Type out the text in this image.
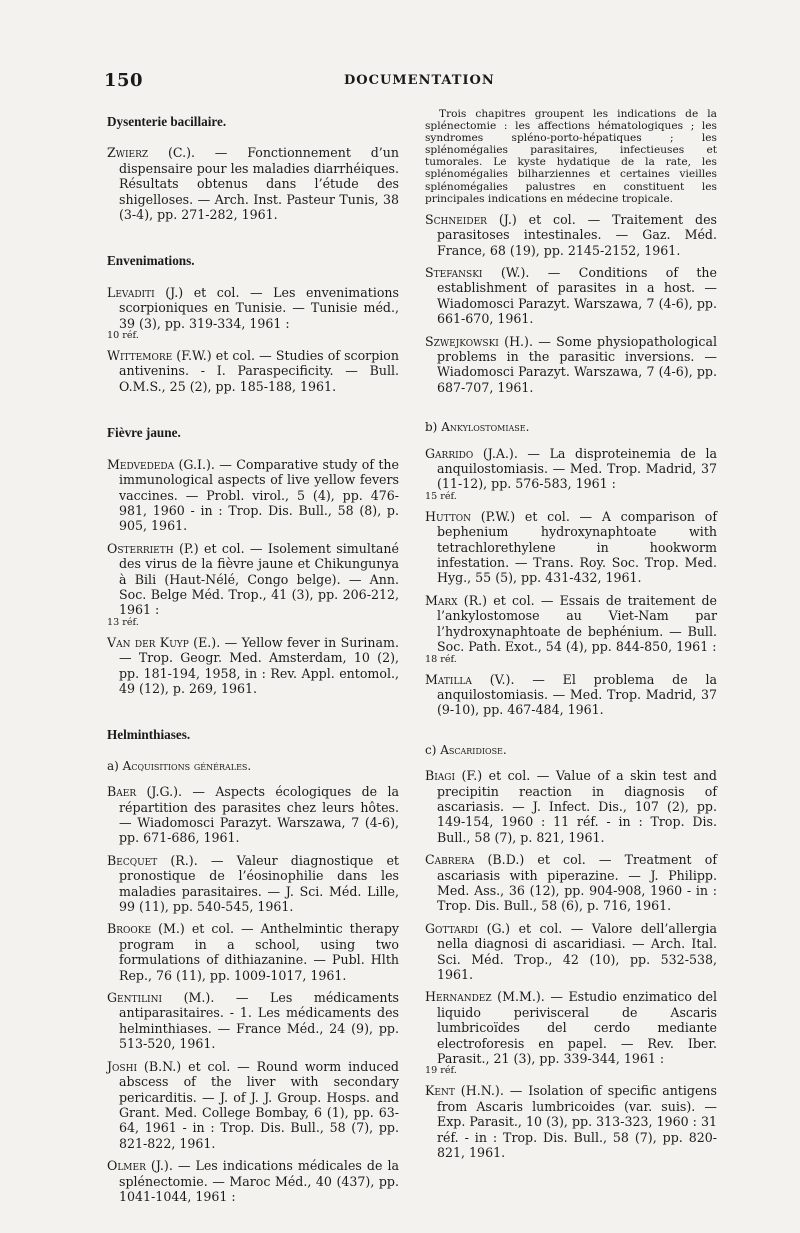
150	DOCUMENTATION
Dysenterie bacillaire.
Zwierz (C.). — Fonctionnement d’un dispensaire pour les maladies diarrhéiques. Résultats obtenus dans l’étude des shigelloses. — Arch. Inst. Pasteur Tunis, 38 (3-4), pp. 271-282, 1961.
Envenimations.
Levaditi (J.) et col. — Les envenimations scorpioniques en Tunisie. — Tunisie méd., 39 (3), pp. 319-334, 1961 :
10 réf.
Wittemore (F.W.) et col. — Studies of scorpion antivenins. - I. Paraspecificity. — Bull. O.M.S., 25 (2), pp. 185-188, 1961.
Fièvre jaune.
Medvededa (G.I.). — Comparative study of the immunological aspects of live yellow fevers vaccines. — Probl. virol., 5 (4), pp. 476-981, 1960 - in : Trop. Dis. Bull., 58 (8), p. 905, 1961.
Osterrieth (P.) et col. — Isolement simultané des virus de la fièvre jaune et Chikungunya à Bili (Haut-Nélé, Congo belge). — Ann. Soc. Belge Méd. Trop., 41 (3), pp. 206-212, 1961 :
13 réf.
Van der Kuyp (E.). — Yellow fever in Surinam. — Trop. Geogr. Med. Amsterdam, 10 (2), pp. 181-194, 1958, in : Rev. Appl. entomol., 49 (12), p. 269, 1961.
Helminthiases.
a) Acquisitions générales.
Baer (J.G.). — Aspects écologiques de la répartition des parasites chez leurs hôtes. — Wiadomosci Parazyt. Warszawa, 7 (4-6), pp. 671-686, 1961.
Becquet (R.). — Valeur diagnostique et pronostique de l’éosinophilie dans les maladies parasitaires. — J. Sci. Méd. Lille, 99 (11), pp. 540-545, 1961.
Brooke (M.) et col. — Anthelmintic therapy program in a school, using two formulations of dithiazanine. — Publ. Hlth Rep., 76 (11), pp. 1009-1017, 1961.
Gentilini (M.). — Les médicaments antiparasitaires. - 1. Les médicaments des helminthiases. — France Méd., 24 (9), pp. 513-520, 1961.
Joshi (B.N.) et col. — Round worm induced abscess of the liver with secondary pericarditis. — J. of J. J. Group. Hosps. and Grant. Med. College Bombay, 6 (1), pp. 63-64, 1961 - in : Trop. Dis. Bull., 58 (7), pp. 821-822, 1961.
Olmer (J.). — Les indications médicales de la splénectomie. — Maroc Méd., 40 (437), pp. 1041-1044, 1961 :
Trois chapitres groupent les indications de la splénectomie : les affections hématologiques ; les syndromes spléno-porto-hépatiques ; les splénomégalies parasitaires, infectieuses et tumorales. Le kyste hydatique de la rate, les splénomégalies bilharziennes et certaines vieilles splénomégalies palustres en constituent les principales indications en médecine tropicale.
Schneider (J.) et col. — Traitement des parasitoses intestinales. — Gaz. Méd. France, 68 (19), pp. 2145-2152, 1961.
Stefanski (W.). — Conditions of the establishment of parasites in a host. — Wiadomosci Parazyt. Warszawa, 7 (4-6), pp. 661-670, 1961.
Szwejkowski (H.). — Some physiopathological problems in the parasitic inversions. — Wiadomosci Parazyt. Warszawa, 7 (4-6), pp. 687-707, 1961.
b) Ankylostomiase.
Garrido (J.A.). — La disproteinemia de la anquilostomiasis. — Med. Trop. Madrid, 37 (11-12), pp. 576-583, 1961 :
15 réf.
Hutton (P.W.) et col. — A comparison of bephenium hydroxynaphtoate with tetrachlorethylene in hookworm infestation. — Trans. Roy. Soc. Trop. Med. Hyg., 55 (5), pp. 431-432, 1961.
Marx (R.) et col. — Essais de traitement de l’ankylostomose au Viet-Nam par l’hydroxynaphtoate de bephénium. — Bull. Soc. Path. Exot., 54 (4), pp. 844-850, 1961 :
18 réf.
Matilla (V.). — El problema de la anquilostomiasis. — Med. Trop. Madrid, 37 (9-10), pp. 467-484, 1961.
c) Ascaridiose.
Biagi (F.) et col. — Value of a skin test and precipitin reaction in diagnosis of ascariasis. — J. Infect. Dis., 107 (2), pp. 149-154, 1960 : 11 réf. - in : Trop. Dis. Bull., 58 (7), p. 821, 1961.
Cabrera (B.D.) et col. — Treatment of ascariasis with piperazine. — J. Philipp. Med. Ass., 36 (12), pp. 904-908, 1960 - in : Trop. Dis. Bull., 58 (6), p. 716, 1961.
Gottardi (G.) et col. — Valore dell’allergia nella diagnosi di ascaridiasi. — Arch. Ital. Sci. Méd. Trop., 42 (10), pp. 532-538, 1961.
Hernandez (M.M.). — Estudio enzimatico del liquido perivisceral de Ascaris lumbricoïdes del cerdo mediante electroforesis en papel. — Rev. Iber. Parasit., 21 (3), pp. 339-344, 1961 :
19 réf.
Kent (H.N.). — Isolation of specific antigens from Ascaris lumbricoides (var. suis). — Exp. Parasit., 10 (3), pp. 313-323, 1960 : 31 réf. - in : Trop. Dis. Bull., 58 (7), pp. 820-821, 1961.
